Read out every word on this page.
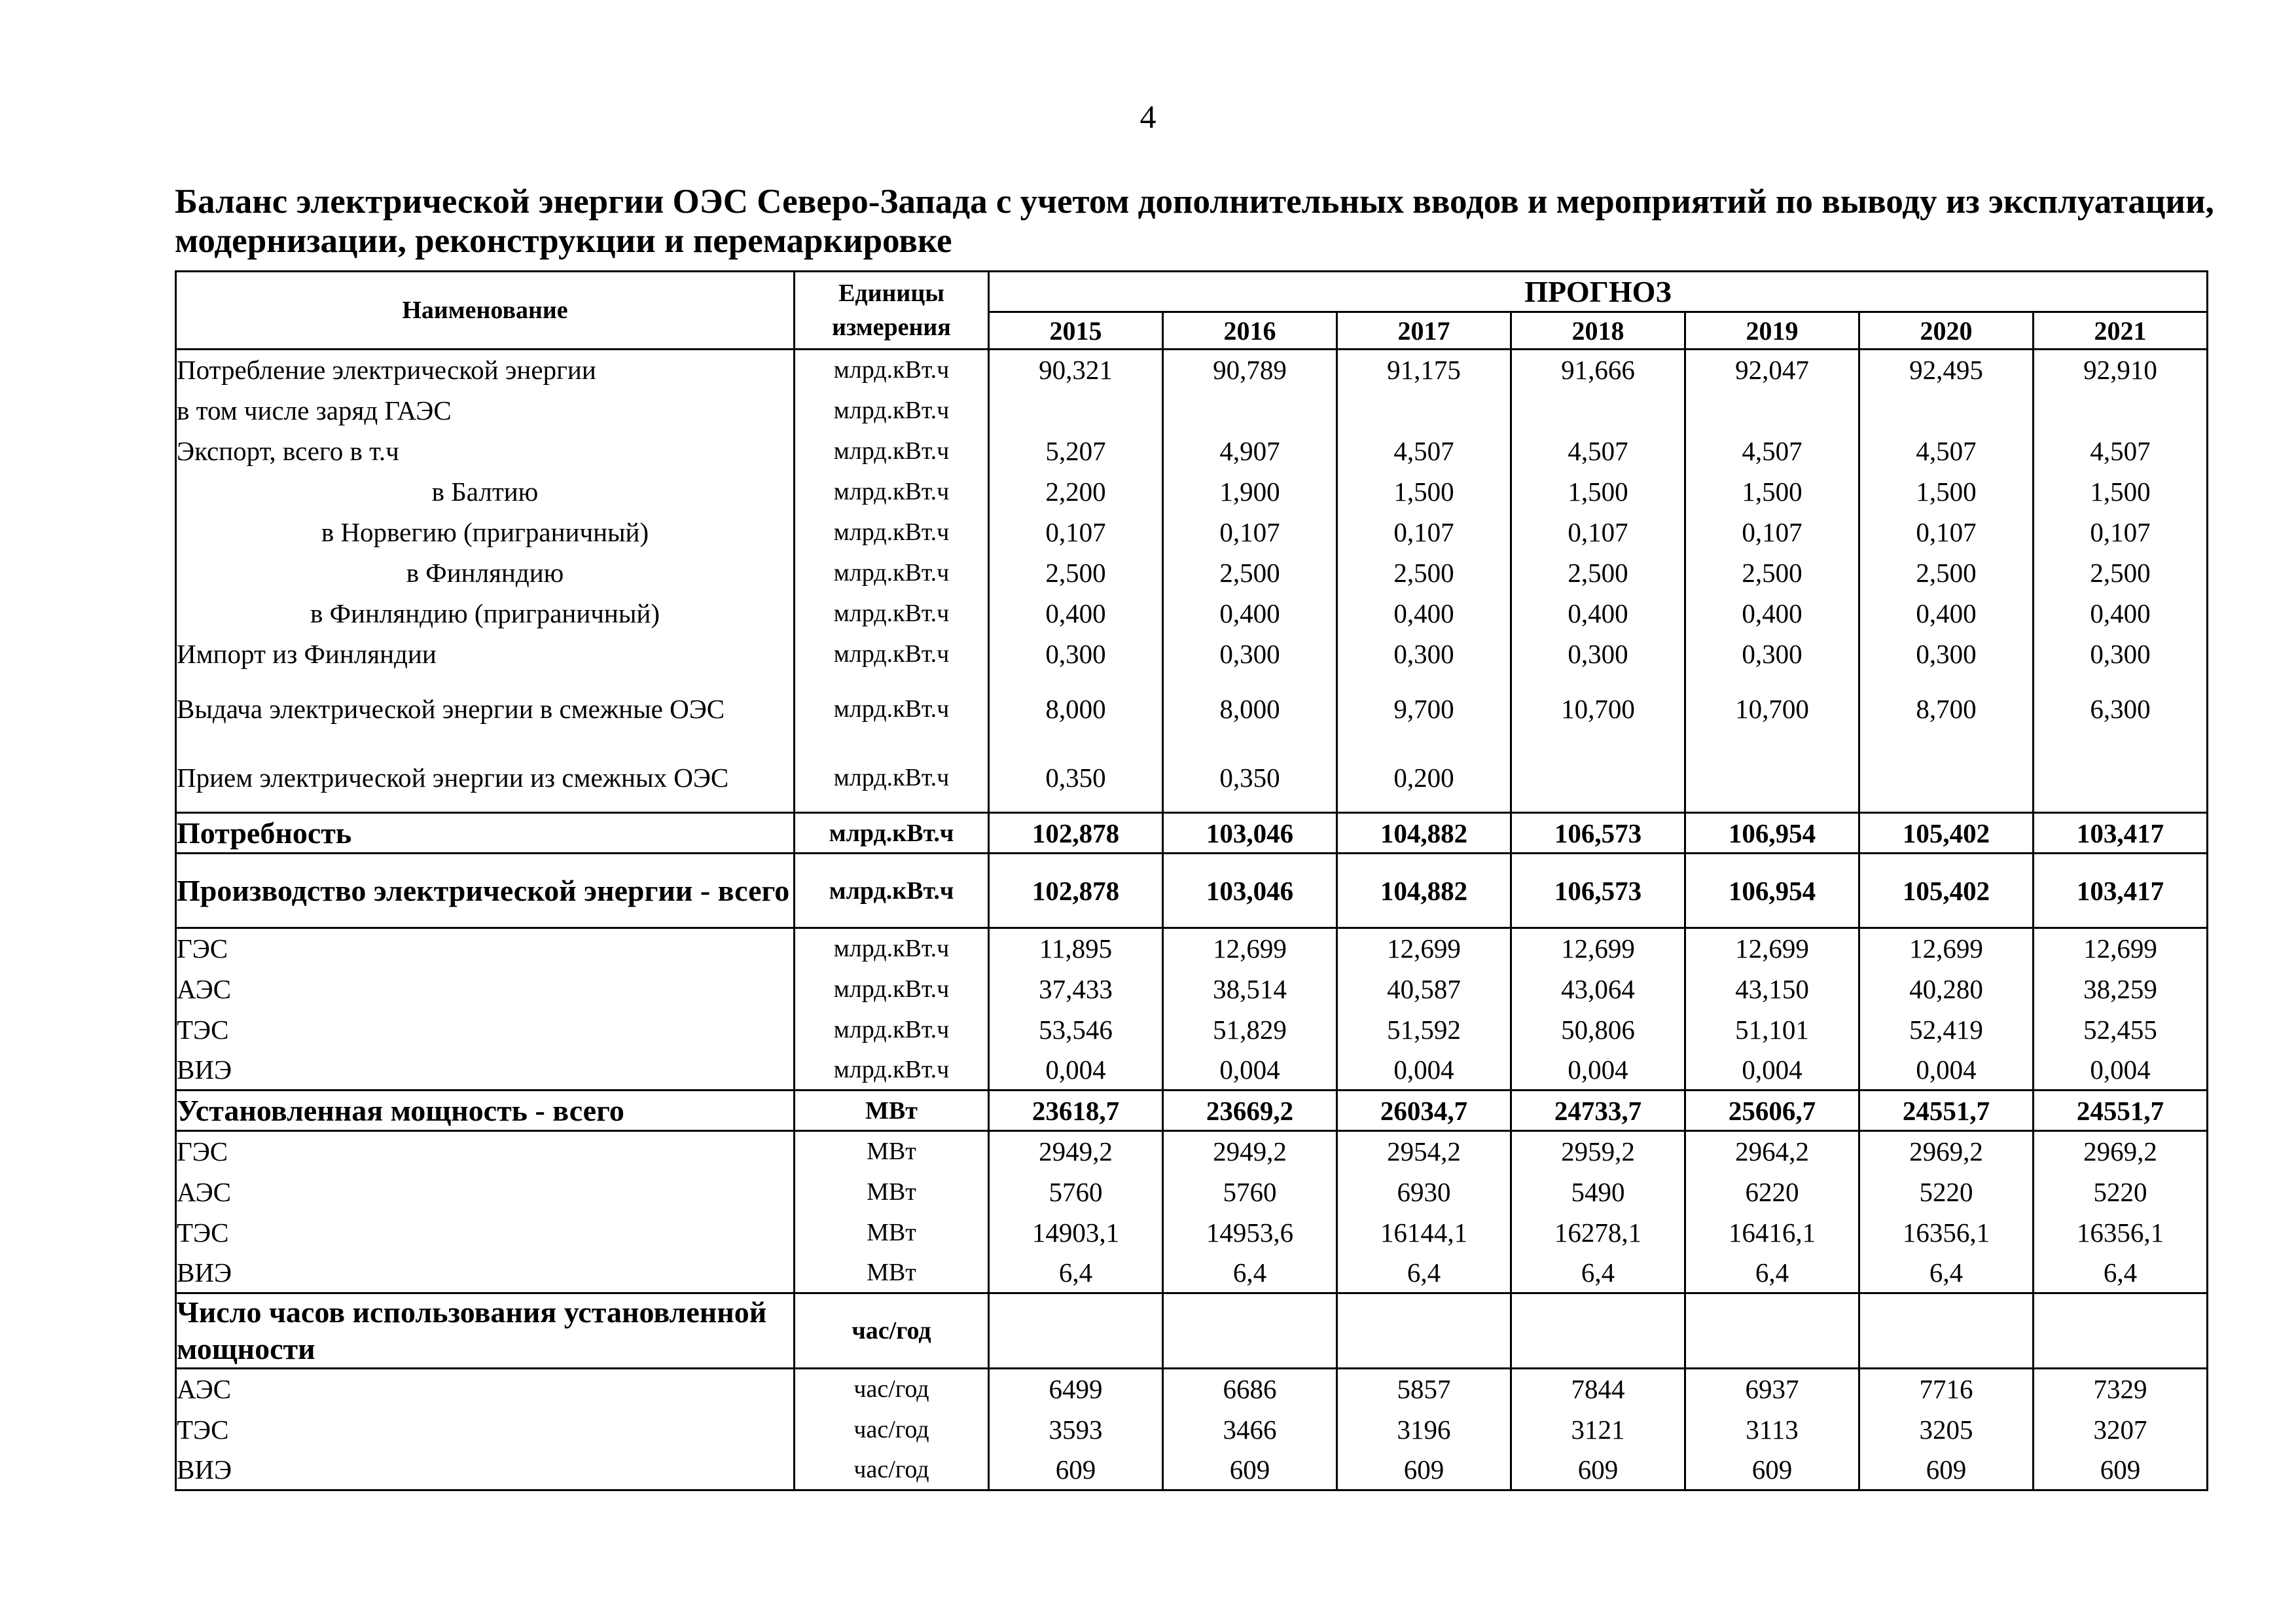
4
Баланс электрической энергии ОЭС Северо-Запада с учетом дополнительных вводов и мероприятий по выводу из эксплуатации, модернизации, реконструкции и перемаркировке
Наименование	Единицы измерения	ПРОГНОЗ						
		2015	2016	2017	2018	2019	2020	2021
Потребление электрической энергии	млрд.кВт.ч	90,321	90,789	91,175	91,666	92,047	92,495	92,910
в том числе заряд ГАЭС	млрд.кВт.ч							
Экспорт, всего в т.ч	млрд.кВт.ч	5,207	4,907	4,507	4,507	4,507	4,507	4,507
в Балтию	млрд.кВт.ч	2,200	1,900	1,500	1,500	1,500	1,500	1,500
в Норвегию (приграничный)	млрд.кВт.ч	0,107	0,107	0,107	0,107	0,107	0,107	0,107
в Финляндию	млрд.кВт.ч	2,500	2,500	2,500	2,500	2,500	2,500	2,500
в Финляндию (приграничный)	млрд.кВт.ч	0,400	0,400	0,400	0,400	0,400	0,400	0,400
Импорт из Финляндии	млрд.кВт.ч	0,300	0,300	0,300	0,300	0,300	0,300	0,300
Выдача электрической энергии в смежные ОЭС	млрд.кВт.ч	8,000	8,000	9,700	10,700	10,700	8,700	6,300
Прием электрической энергии из смежных ОЭС	млрд.кВт.ч	0,350	0,350	0,200				
Потребность	млрд.кВт.ч	102,878	103,046	104,882	106,573	106,954	105,402	103,417
Производство электрической энергии - всего	млрд.кВт.ч	102,878	103,046	104,882	106,573	106,954	105,402	103,417
ГЭС	млрд.кВт.ч	11,895	12,699	12,699	12,699	12,699	12,699	12,699
АЭС	млрд.кВт.ч	37,433	38,514	40,587	43,064	43,150	40,280	38,259
ТЭС	млрд.кВт.ч	53,546	51,829	51,592	50,806	51,101	52,419	52,455
ВИЭ	млрд.кВт.ч	0,004	0,004	0,004	0,004	0,004	0,004	0,004
Установленная мощность - всего	МВт	23618,7	23669,2	26034,7	24733,7	25606,7	24551,7	24551,7
ГЭС	МВт	2949,2	2949,2	2954,2	2959,2	2964,2	2969,2	2969,2
АЭС	МВт	5760	5760	6930	5490	6220	5220	5220
ТЭС	МВт	14903,1	14953,6	16144,1	16278,1	16416,1	16356,1	16356,1
ВИЭ	МВт	6,4	6,4	6,4	6,4	6,4	6,4	6,4
Число часов использования установленной мощности	час/год							
АЭС	час/год	6499	6686	5857	7844	6937	7716	7329
ТЭС	час/год	3593	3466	3196	3121	3113	3205	3207
ВИЭ	час/год	609	609	609	609	609	609	609
